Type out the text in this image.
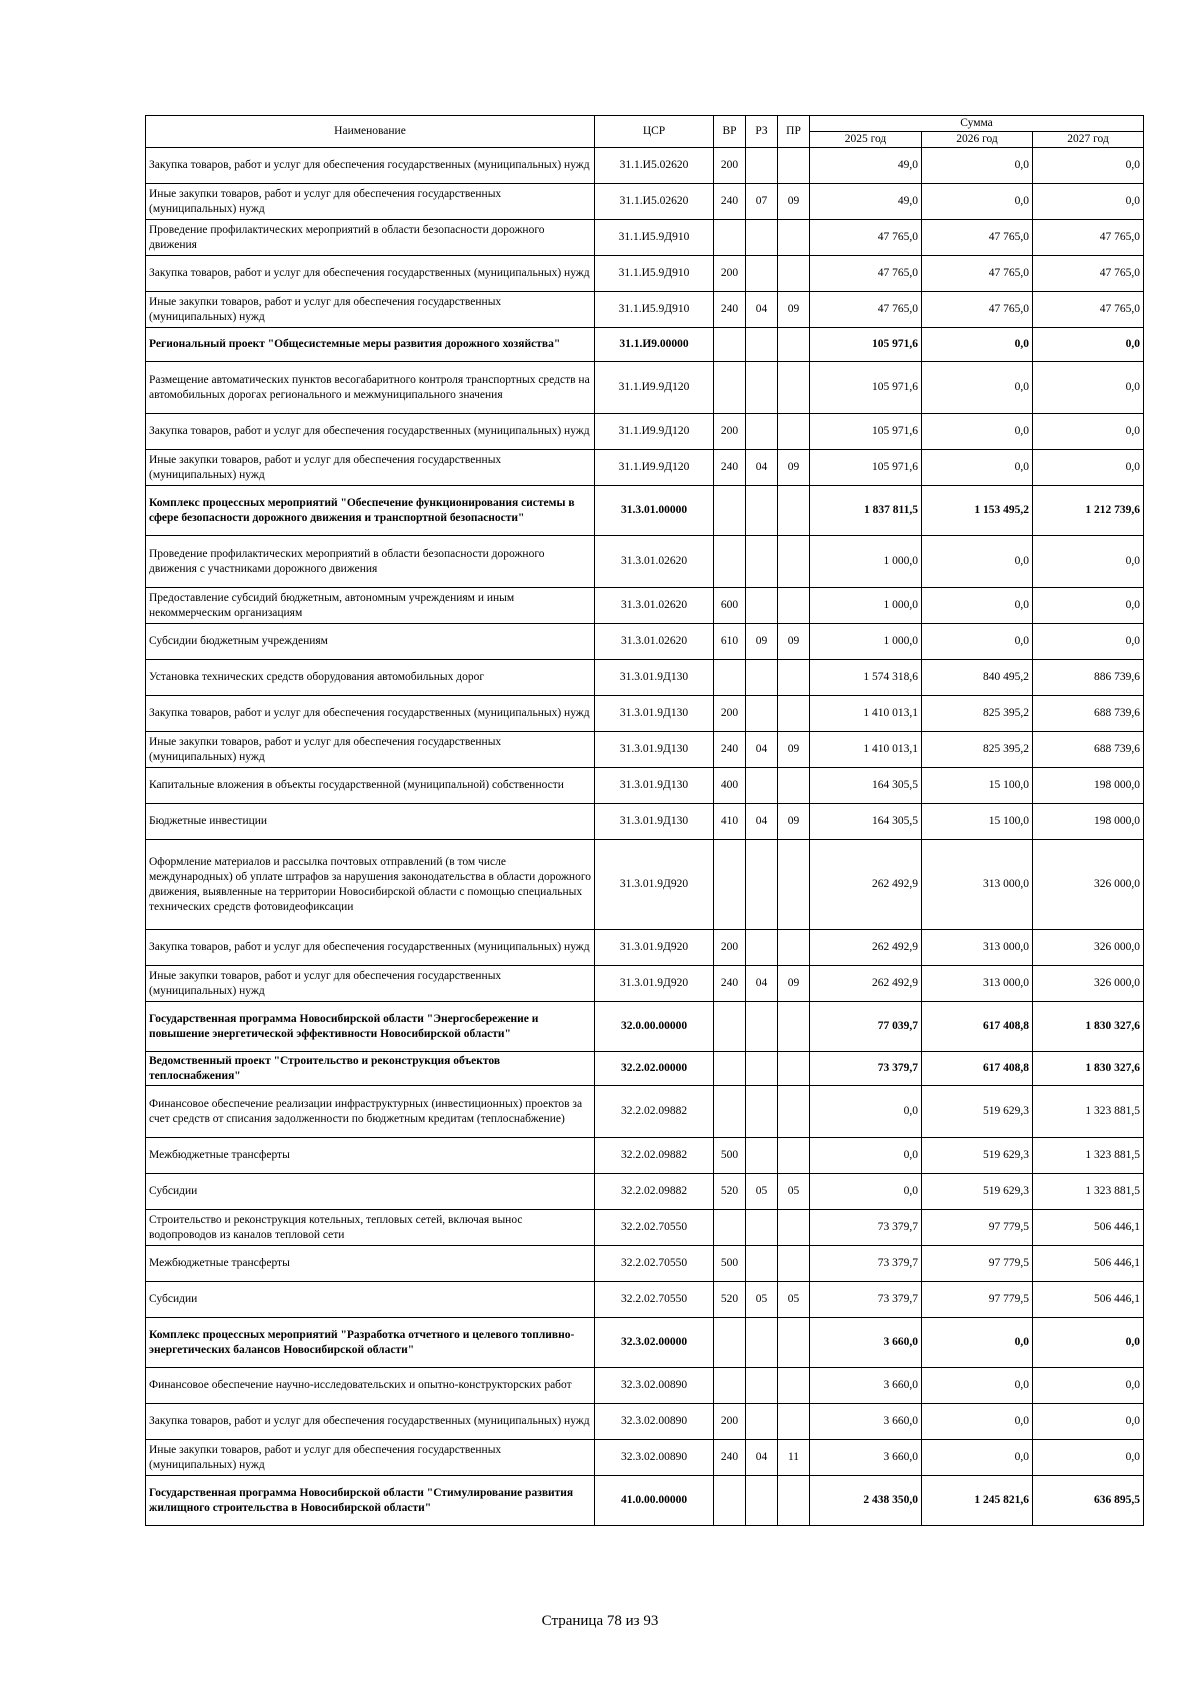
Наименование	ЦСР	ВР	РЗ	ПР	Сумма		
					2025 год	2026 год	2027 год
Закупка товаров, работ и услуг для обеспечения государственных (муниципальных) нужд	31.1.И5.02620	200			49,0	0,0	0,0
Иные закупки товаров, работ и услуг для обеспечения государственных (муниципальных) нужд	31.1.И5.02620	240	07	09	49,0	0,0	0,0
Проведение профилактических мероприятий в области безопасности дорожного движения	31.1.И5.9Д910				47 765,0	47 765,0	47 765,0
Закупка товаров, работ и услуг для обеспечения государственных (муниципальных) нужд	31.1.И5.9Д910	200			47 765,0	47 765,0	47 765,0
Иные закупки товаров, работ и услуг для обеспечения государственных (муниципальных) нужд	31.1.И5.9Д910	240	04	09	47 765,0	47 765,0	47 765,0
Региональный проект "Общесистемные меры развития дорожного хозяйства"	31.1.И9.00000				105 971,6	0,0	0,0
Размещение автоматических пунктов весогабаритного контроля транспортных средств на автомобильных дорогах регионального и межмуниципального значения	31.1.И9.9Д120				105 971,6	0,0	0,0
Закупка товаров, работ и услуг для обеспечения государственных (муниципальных) нужд	31.1.И9.9Д120	200			105 971,6	0,0	0,0
Иные закупки товаров, работ и услуг для обеспечения государственных (муниципальных) нужд	31.1.И9.9Д120	240	04	09	105 971,6	0,0	0,0
Комплекс процессных мероприятий "Обеспечение функционирования системы в сфере безопасности дорожного движения и транспортной безопасности"	31.3.01.00000				1 837 811,5	1 153 495,2	1 212 739,6
Проведение профилактических мероприятий в области безопасности дорожного движения с участниками дорожного движения	31.3.01.02620				1 000,0	0,0	0,0
Предоставление субсидий бюджетным, автономным учреждениям и иным некоммерческим организациям	31.3.01.02620	600			1 000,0	0,0	0,0
Субсидии бюджетным учреждениям	31.3.01.02620	610	09	09	1 000,0	0,0	0,0
Установка технических средств оборудования автомобильных дорог	31.3.01.9Д130				1 574 318,6	840 495,2	886 739,6
Закупка товаров, работ и услуг для обеспечения государственных (муниципальных) нужд	31.3.01.9Д130	200			1 410 013,1	825 395,2	688 739,6
Иные закупки товаров, работ и услуг для обеспечения государственных (муниципальных) нужд	31.3.01.9Д130	240	04	09	1 410 013,1	825 395,2	688 739,6
Капитальные вложения в объекты государственной (муниципальной) собственности	31.3.01.9Д130	400			164 305,5	15 100,0	198 000,0
Бюджетные инвестиции	31.3.01.9Д130	410	04	09	164 305,5	15 100,0	198 000,0
Оформление материалов и рассылка почтовых отправлений (в том числе международных) об уплате штрафов за нарушения законодательства в области дорожного движения, выявленные на территории Новосибирской области с помощью специальных технических средств фотовидеофиксации	31.3.01.9Д920				262 492,9	313 000,0	326 000,0
Закупка товаров, работ и услуг для обеспечения государственных (муниципальных) нужд	31.3.01.9Д920	200			262 492,9	313 000,0	326 000,0
Иные закупки товаров, работ и услуг для обеспечения государственных (муниципальных) нужд	31.3.01.9Д920	240	04	09	262 492,9	313 000,0	326 000,0
Государственная программа Новосибирской области "Энергосбережение и повышение энергетической эффективности Новосибирской области"	32.0.00.00000				77 039,7	617 408,8	1 830 327,6
Ведомственный проект "Строительство и реконструкция объектов теплоснабжения"	32.2.02.00000				73 379,7	617 408,8	1 830 327,6
Финансовое обеспечение реализации инфраструктурных (инвестиционных) проектов за счет средств от списания задолженности по бюджетным кредитам (теплоснабжение)	32.2.02.09882				0,0	519 629,3	1 323 881,5
Межбюджетные трансферты	32.2.02.09882	500			0,0	519 629,3	1 323 881,5
Субсидии	32.2.02.09882	520	05	05	0,0	519 629,3	1 323 881,5
Строительство и реконструкция котельных, тепловых сетей, включая вынос водопроводов из каналов тепловой сети	32.2.02.70550				73 379,7	97 779,5	506 446,1
Межбюджетные трансферты	32.2.02.70550	500			73 379,7	97 779,5	506 446,1
Субсидии	32.2.02.70550	520	05	05	73 379,7	97 779,5	506 446,1
Комплекс процессных мероприятий "Разработка отчетного и целевого топливно-энергетических балансов Новосибирской области"	32.3.02.00000				3 660,0	0,0	0,0
Финансовое обеспечение научно-исследовательских и опытно-конструкторских работ	32.3.02.00890				3 660,0	0,0	0,0
Закупка товаров, работ и услуг для обеспечения государственных (муниципальных) нужд	32.3.02.00890	200			3 660,0	0,0	0,0
Иные закупки товаров, работ и услуг для обеспечения государственных (муниципальных) нужд	32.3.02.00890	240	04	11	3 660,0	0,0	0,0
Государственная программа Новосибирской области "Стимулирование развития жилищного строительства в Новосибирской области"	41.0.00.00000				2 438 350,0	1 245 821,6	636 895,5
Страница 78 из 93
